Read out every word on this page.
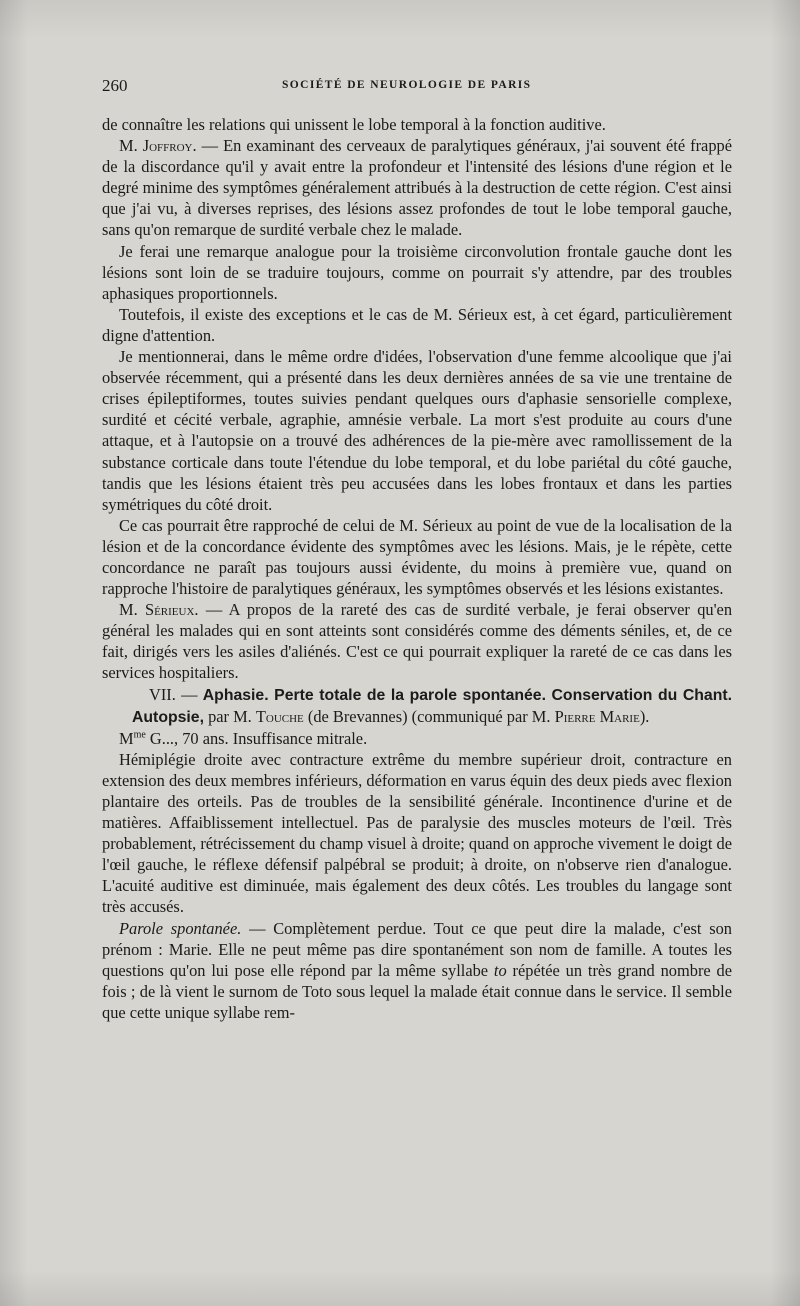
260	SOCIÉTÉ DE NEUROLOGIE DE PARIS

de connaître les relations qui unissent le lobe temporal à la fonction auditive.

M. Joffroy. — En examinant des cerveaux de paralytiques généraux, j'ai souvent été frappé de la discordance qu'il y avait entre la profondeur et l'intensité des lésions d'une région et le degré minime des symptômes généralement attribués à la destruction de cette région. C'est ainsi que j'ai vu, à diverses reprises, des lésions assez profondes de tout le lobe temporal gauche, sans qu'on remarque de surdité verbale chez le malade.

Je ferai une remarque analogue pour la troisième circonvolution frontale gauche dont les lésions sont loin de se traduire toujours, comme on pourrait s'y attendre, par des troubles aphasiques proportionnels.

Toutefois, il existe des exceptions et le cas de M. Sérieux est, à cet égard, particulièrement digne d'attention.

Je mentionnerai, dans le même ordre d'idées, l'observation d'une femme alcoolique que j'ai observée récemment, qui a présenté dans les deux dernières années de sa vie une trentaine de crises épileptiformes, toutes suivies pendant quelques ours d'aphasie sensorielle complexe, surdité et cécité verbale, agraphie, amnésie verbale. La mort s'est produite au cours d'une attaque, et à l'autopsie on a trouvé des adhérences de la pie-mère avec ramollissement de la substance corticale dans toute l'étendue du lobe temporal, et du lobe pariétal du côté gauche, tandis que les lésions étaient très peu accusées dans les lobes frontaux et dans les parties symétriques du côté droit.

Ce cas pourrait être rapproché de celui de M. Sérieux au point de vue de la localisation de la lésion et de la concordance évidente des symptômes avec les lésions. Mais, je le répète, cette concordance ne paraît pas toujours aussi évidente, du moins à première vue, quand on rapproche l'histoire de paralytiques généraux, les symptômes observés et les lésions existantes.

M. Sérieux. — A propos de la rareté des cas de surdité verbale, je ferai observer qu'en général les malades qui en sont atteints sont considérés comme des déments séniles, et, de ce fait, dirigés vers les asiles d'aliénés. C'est ce qui pourrait expliquer la rareté de ce cas dans les services hospitaliers.

VII. — Aphasie. Perte totale de la parole spontanée. Conservation du Chant. Autopsie, par M. Touche (de Brevannes) (communiqué par M. Pierre Marie).

$M^{me}$ G..., 70 ans. Insuffisance mitrale.

Hémiplégie droite avec contracture extrême du membre supérieur droit, contracture en extension des deux membres inférieurs, déformation en varus équin des deux pieds avec flexion plantaire des orteils. Pas de troubles de la sensibilité générale. Incontinence d'urine et de matières. Affaiblissement intellectuel. Pas de paralysie des muscles moteurs de l'œil. Très probablement, rétrécissement du champ visuel à droite; quand on approche vivement le doigt de l'œil gauche, le réflexe défensif palpébral se produit; à droite, on n'observe rien d'analogue. L'acuité auditive est diminuée, mais également des deux côtés. Les troubles du langage sont très accusés.

Parole spontanée. — Complètement perdue. Tout ce que peut dire la malade, c'est son prénom : Marie. Elle ne peut même pas dire spontanément son nom de famille. A toutes les questions qu'on lui pose elle répond par la même syllabe to répétée un très grand nombre de fois ; de là vient le surnom de Toto sous lequel la malade était connue dans le service. Il semble que cette unique syllabe rem-
